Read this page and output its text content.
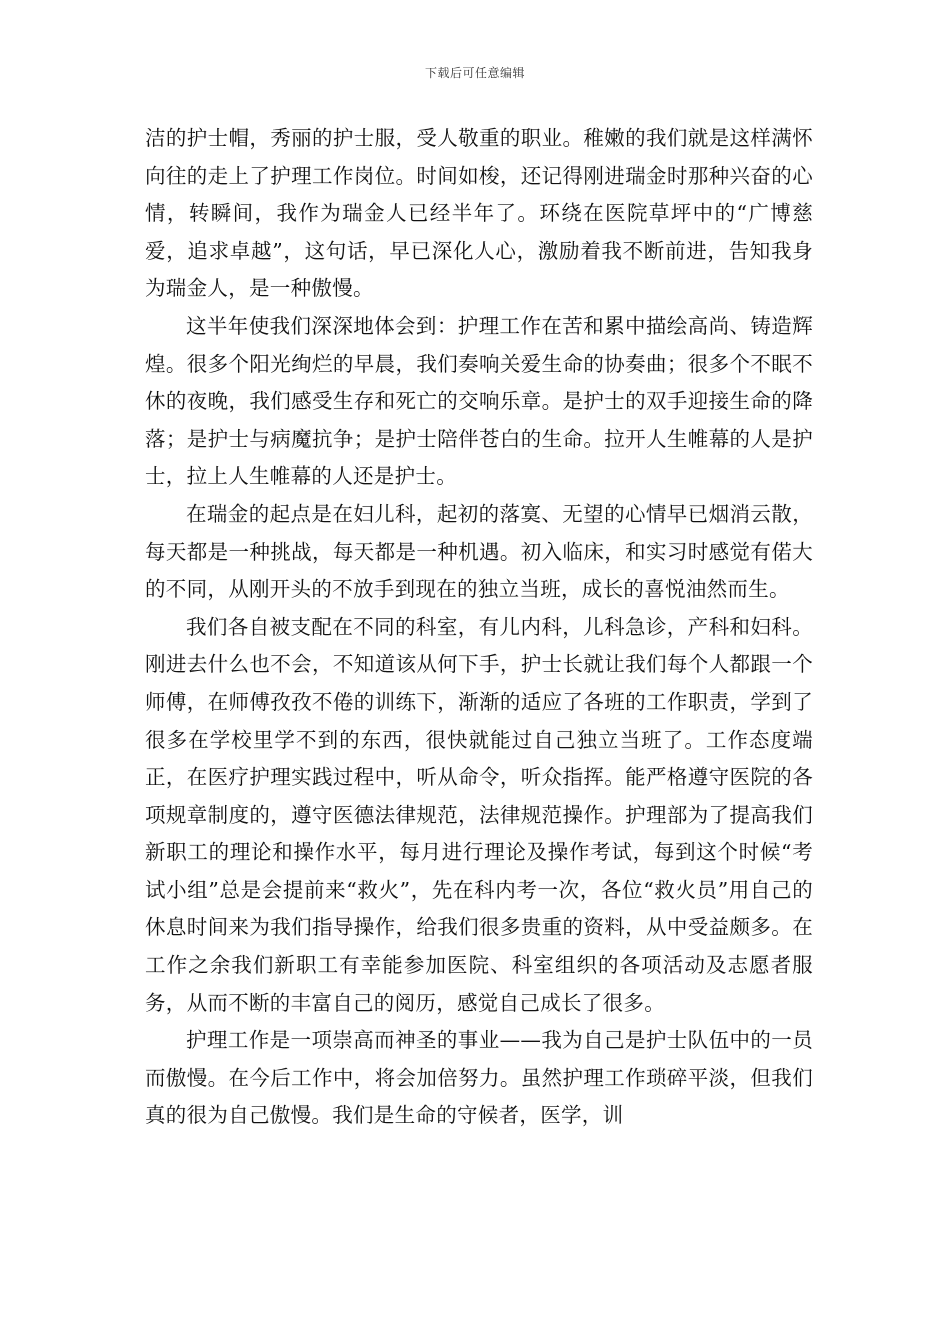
下载后可任意编辑

洁的护士帽，秀丽的护士服，受人敬重的职业。稚嫩的我们就是这样满怀向往的走上了护理工作岗位。时间如梭，还记得刚进瑞金时那种兴奋的心情，转瞬间，我作为瑞金人已经半年了。环绕在医院草坪中的“广博慈爱，追求卓越”，这句话，早已深化人心，激励着我不断前进，告知我身为瑞金人，是一种傲慢。

这半年使我们深深地体会到：护理工作在苦和累中描绘高尚、铸造辉煌。很多个阳光绚烂的早晨，我们奏响关爱生命的协奏曲；很多个不眠不休的夜晚，我们感受生存和死亡的交响乐章。是护士的双手迎接生命的降落；是护士与病魔抗争；是护士陪伴苍白的生命。拉开人生帷幕的人是护士，拉上人生帷幕的人还是护士。

在瑞金的起点是在妇儿科，起初的落寞、无望的心情早已烟消云散，每天都是一种挑战，每天都是一种机遇。初入临床，和实习时感觉有偌大的不同，从刚开头的不放手到现在的独立当班，成长的喜悦油然而生。

我们各自被支配在不同的科室，有儿内科，儿科急诊，产科和妇科。刚进去什么也不会，不知道该从何下手，护士长就让我们每个人都跟一个师傅，在师傅孜孜不倦的训练下，渐渐的适应了各班的工作职责，学到了很多在学校里学不到的东西，很快就能过自己独立当班了。工作态度端正，在医疗护理实践过程中，听从命令，听众指挥。能严格遵守医院的各项规章制度的，遵守医德法律规范，法律规范操作。护理部为了提高我们新职工的理论和操作水平，每月进行理论及操作考试，每到这个时候“考试小组”总是会提前来“救火”，先在科内考一次，各位“救火员”用自己的休息时间来为我们指导操作，给我们很多贵重的资料，从中受益颇多。在工作之余我们新职工有幸能参加医院、科室组织的各项活动及志愿者服务，从而不断的丰富自己的阅历，感觉自己成长了很多。

护理工作是一项崇高而神圣的事业——我为自己是护士队伍中的一员而傲慢。在今后工作中，将会加倍努力。虽然护理工作琐碎平淡，但我们真的很为自己傲慢。我们是生命的守候者，医学，训
